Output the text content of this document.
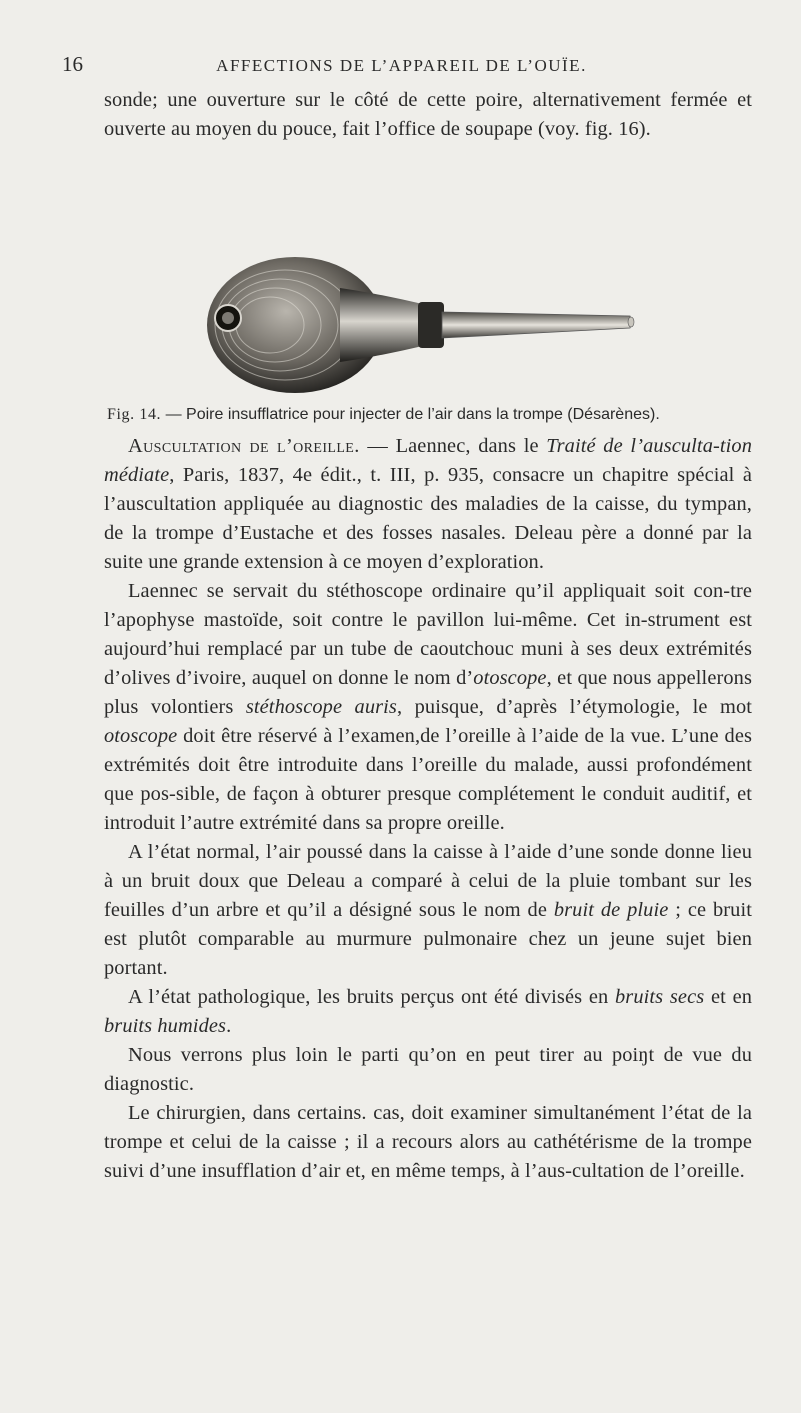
16	AFFECTIONS DE L’APPAREIL DE L’OUÏE.

sonde; une ouverture sur le côté de cette poire, alternativement fermée et ouverte au moyen du pouce, fait l’office de soupape (voy. fig. 16).

Fig. 14. — Poire insufflatrice pour injecter de l’air dans la trompe (Désarènes).

Auscultation de l’oreille. — Laennec, dans le Traité de l’ausculta-tion médiate, Paris, 1837, 4e édit., t. III, p. 935, consacre un chapitre spécial à l’auscultation appliquée au diagnostic des maladies de la caisse, du tympan, de la trompe d’Eustache et des fosses nasales. Deleau père a donné par la suite une grande extension à ce moyen d’exploration.

Laennec se servait du stéthoscope ordinaire qu’il appliquait soit con-tre l’apophyse mastoïde, soit contre le pavillon lui-même. Cet in-strument est aujourd’hui remplacé par un tube de caoutchouc muni à ses deux extrémités d’olives d’ivoire, auquel on donne le nom d’otoscope, et que nous appellerons plus volontiers stéthoscope auris, puisque, d’après l’étymologie, le mot otoscope doit être réservé à l’examen,de l’oreille à l’aide de la vue. L’une des extrémités doit être introduite dans l’oreille du malade, aussi profondément que pos-sible, de façon à obturer presque complétement le conduit auditif, et introduit l’autre extrémité dans sa propre oreille.

A l’état normal, l’air poussé dans la caisse à l’aide d’une sonde donne lieu à un bruit doux que Deleau a comparé à celui de la pluie tombant sur les feuilles d’un arbre et qu’il a désigné sous le nom de bruit de pluie ; ce bruit est plutôt comparable au murmure pulmonaire chez un jeune sujet bien portant.

A l’état pathologique, les bruits perçus ont été divisés en bruits secs et en bruits humides.

Nous verrons plus loin le parti qu’on en peut tirer au poiŋt de vue du diagnostic.

Le chirurgien, dans certains. cas, doit examiner simultanément l’état de la trompe et celui de la caisse ; il a recours alors au cathétérisme de la trompe suivi d’une insufflation d’air et, en même temps, à l’aus-cultation de l’oreille.
